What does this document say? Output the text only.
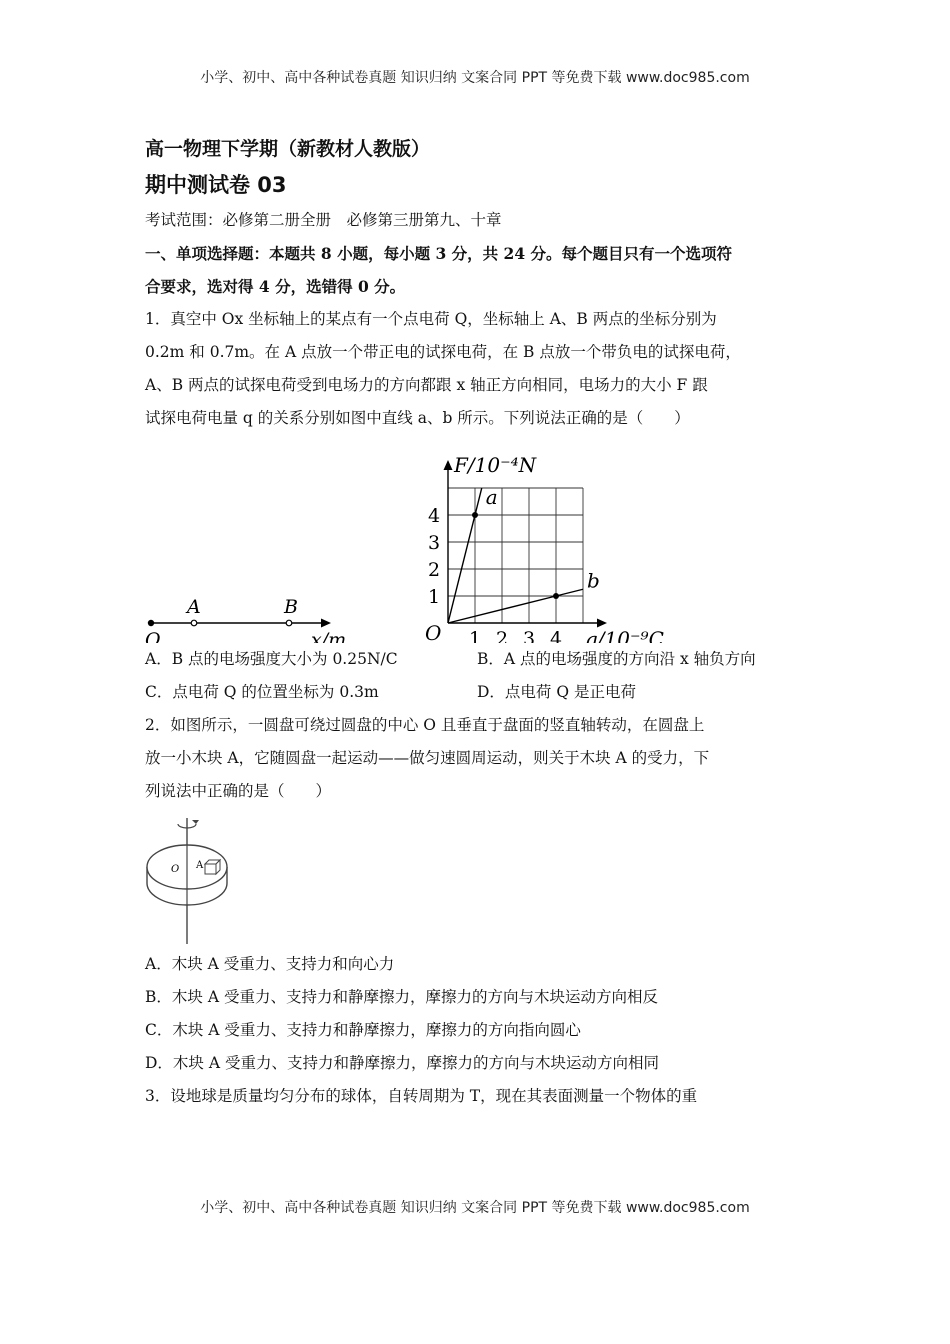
小学、初中、高中各种试卷真题 知识归纳 文案合同 PPT 等免费下载 www.doc985.com
高一物理下学期（新教材人教版）
期中测试卷 03

考试范围：必修第二册全册　必修第三册第九、十章

一、单项选择题：本题共 8 小题，每小题 3 分，共 24 分。每个题目只有一个选项符

合要求，选对得 4 分，选错得 0 分。

1．真空中 Ox 坐标轴上的某点有一个点电荷 Q，坐标轴上 A、B 两点的坐标分别为

0.2m 和 0.7m。在 A 点放一个带正电的试探电荷，在 B 点放一个带负电的试探电荷，

A、B 两点的试探电荷受到电场力的方向都跟 x 轴正方向相同，电场力的大小 F 跟

试探电荷电量 q 的关系分别如图中直线 a、b 所示。下列说法正确的是（　　）

O
A	B
x/m	1 2 3 4
1
2
3
4
a
b
F/10⁻⁴N
q/10⁻⁹C
O

A．B 点的电场强度大小为 0.25N/C	B．A 点的电场强度的方向沿 x 轴负方向

C．点电荷 Q 的位置坐标为 0.3m	D．点电荷 Q 是正电荷

2．如图所示，一圆盘可绕过圆盘的中心 O 且垂直于盘面的竖直轴转动，在圆盘上

放一小木块 A，它随圆盘一起运动——做匀速圆周运动，则关于木块 A 的受力，下

列说法中正确的是（　　）

O A

A．木块 A 受重力、支持力和向心力

B．木块 A 受重力、支持力和静摩擦力，摩擦力的方向与木块运动方向相反

C．木块 A 受重力、支持力和静摩擦力，摩擦力的方向指向圆心

D．木块 A 受重力、支持力和静摩擦力，摩擦力的方向与木块运动方向相同

3．设地球是质量均匀分布的球体，自转周期为 T，现在其表面测量一个物体的重

小学、初中、高中各种试卷真题 知识归纳 文案合同 PPT 等免费下载 www.doc985.com
